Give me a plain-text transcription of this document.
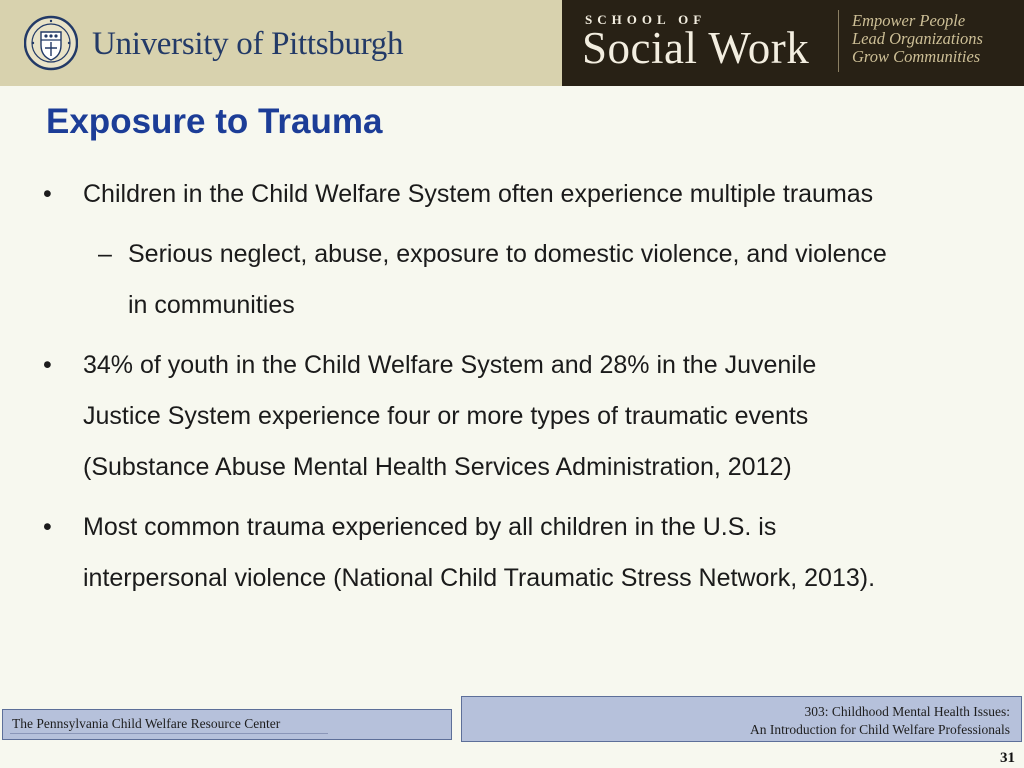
University of Pittsburgh
SCHOOL OF
Social Work
Empower People
Lead Organizations
Grow Communities
Exposure to Trauma
• Children in the Child Welfare System often experience multiple traumas
– Serious neglect, abuse, exposure to domestic violence, and violence
in communities
• 34% of youth in the Child Welfare System and 28% in the Juvenile
Justice System experience four or more types of traumatic events
(Substance Abuse Mental Health Services Administration, 2012)
• Most common trauma experienced by all children in the U.S. is
interpersonal violence (National Child Traumatic Stress Network, 2013).
The Pennsylvania Child Welfare Resource Center
303: Childhood Mental Health Issues:
An Introduction for Child Welfare Professionals
31
